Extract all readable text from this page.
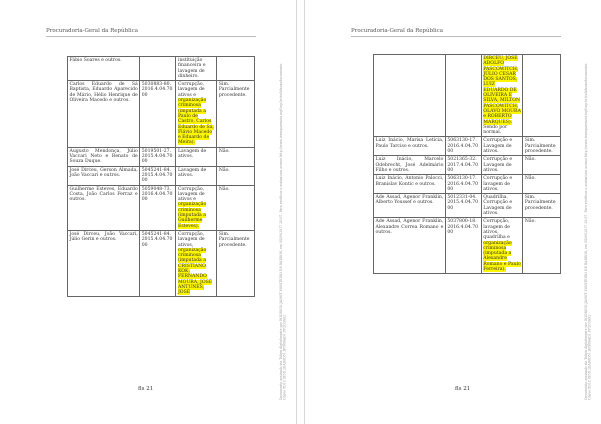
Procuradoria-Geral da República
Documento assinado via Token digitalmente por RODRIGO JANOT MONTEIRO DE BARROS, em 04/09/2017 20:07. Para verificar a assinatura acesse http://www.transparencia.mpf.mp.br/validacaodocumento. Chave 8D1C1B5D.2EAD6D51.BFB06AD1.FF2D3A02
Fábio Soares e outros.		instituição financeira e lavagem de dinheiro.	
Carlos Eduardo de Sá Baptista, Eduardo Aparecido de Mário, Hélio Henrique de Oliveira Macedo e outros.	5030883-80.2016.4.04.7000	Corrupção, lavagem de ativos e organização criminosa (imputada a Paulo de Castro, Carlos Eduardo de Sá, Flávio Macedo e Eduardo de Meira).	Sim. Parcialmente procedente.
Augusto Mendonça, Júlio Vaccari Neto e Renato de Souza Duque.	5019501-27.2015.4.04.7000	Lavagem de ativos.	Não.
José Dirceu, Gerson Almada, João Vaccari e outros.	5045241-84.2015.4.04.7000	Lavagem de ativos.	Não.
Guilherme Esteves, Eduardo Costa, João Carlos Ferraz e outros.	5059048-73.2016.4.04.7000	Corrupção, lavagem de ativos e organização criminosa (imputada a Guilherme Esteves).	Não.
José Dirceu, João Vaccari, Júlio Gerin e outros.	5045241-84.2015.4.04.7000	Corrupção, lavagem de ativos, organização criminosa (imputada a CRISTIANO KOK, FERNANDO MOURA, JOSÉ ANTUNES, JOSÉ	Sim. Parcialmente procedente.
fls 21
Procuradoria-Geral da República
Documento assinado via Token digitalmente por RODRIGO JANOT MONTEIRO DE BARROS, em 04/09/2017 20:07. Para verificar a assinatura acesse http://www.transparencia.mpf.mp.br/validacaodocumento. Chave 8D1C1B5D.2EAD6D51.BFB06AD1.FF2D3A02
		DIRCEU, JOSÉ ADOLFO PASCOWITCH, JÚLIO CESAR DOS SANTOS, LUIZ EDUARDO DE OLIVEIRA E SILVA, MILTON PASCOWITCH, OLAVO MOURA e ROBERTO MARQUES). Sendo por normal.	
Luiz Inácio, Marisa Letícia, Paulo Tarciso e outros.	5063130-17.2016.4.04.7000	Corrupção e Lavagem de ativos.	Sim. Parcialmente procedente.
Luiz Inácio, Marcelo Odebrecht, José Adelmário Filho e outros.	5021365-32.2017.4.04.7000	Corrupção e Lavagem de ativos.	Não.
Luiz Inácio, Antonio Palocci, Branislav Kontic e outros.	5063130-17.2016.4.04.7000	Corrupção e lavagem de ativos.	Não.
Ade Assad, Agenor Franklin, Alberto Youssef e outros.	5012331-04.2015.4.04.7000	Quadrilha, Corrupção e Lavagem de ativos.	Sim. Parcialmente procedente.
Ade Assad, Agenor Franklin, Alexandre Correa Romano e outros.	5037800-18.2016.4.04.7000	Corrupção, lavagem de ativos, quadrilha e organização criminosa (imputada a Alexandre Romano e Paulo Ferreira).	Não.
fls 21
